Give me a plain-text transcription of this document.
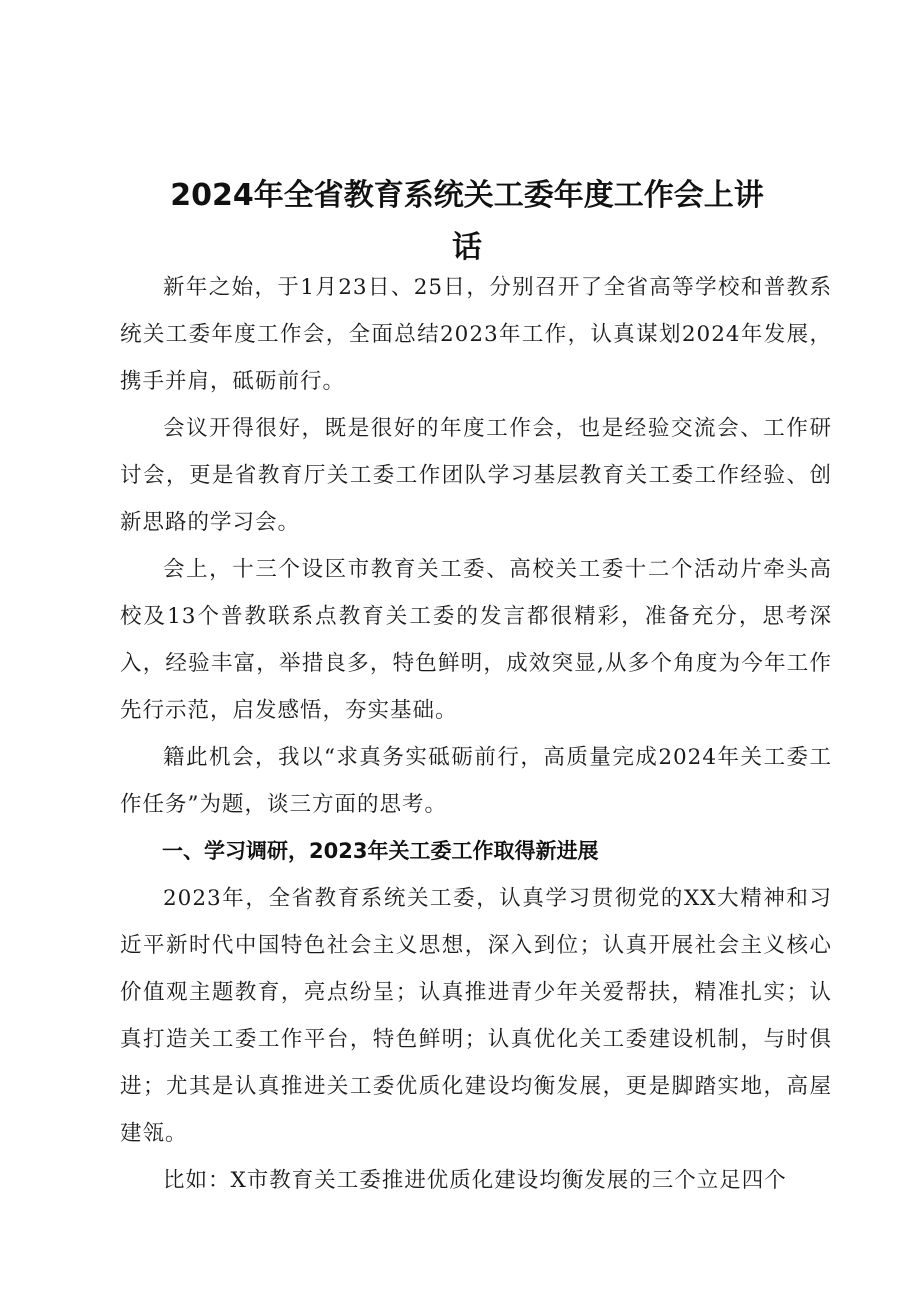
2024年全省教育系统关工委年度工作会上讲
话

新年之始，于1月23日、25日，分别召开了全省高等学校和普教系统关工委年度工作会，全面总结2023年工作，认真谋划2024年发展，携手并肩，砥砺前行。

会议开得很好，既是很好的年度工作会，也是经验交流会、工作研讨会，更是省教育厅关工委工作团队学习基层教育关工委工作经验、创新思路的学习会。

会上，十三个设区市教育关工委、高校关工委十二个活动片牵头高校及13个普教联系点教育关工委的发言都很精彩，准备充分，思考深入，经验丰富，举措良多，特色鲜明，成效突显,从多个角度为今年工作先行示范，启发感悟，夯实基础。

籍此机会，我以“求真务实砥砺前行，高质量完成2024年关工委工作任务”为题，谈三方面的思考。

一、学习调研，2023年关工委工作取得新进展

2023年，全省教育系统关工委，认真学习贯彻党的XX大精神和习近平新时代中国特色社会主义思想，深入到位；认真开展社会主义核心价值观主题教育，亮点纷呈；认真推进青少年关爱帮扶，精准扎实；认真打造关工委工作平台，特色鲜明；认真优化关工委建设机制，与时俱进；尤其是认真推进关工委优质化建设均衡发展，更是脚踏实地，高屋建瓴。

比如：X市教育关工委推进优质化建设均衡发展的三个立足四个
